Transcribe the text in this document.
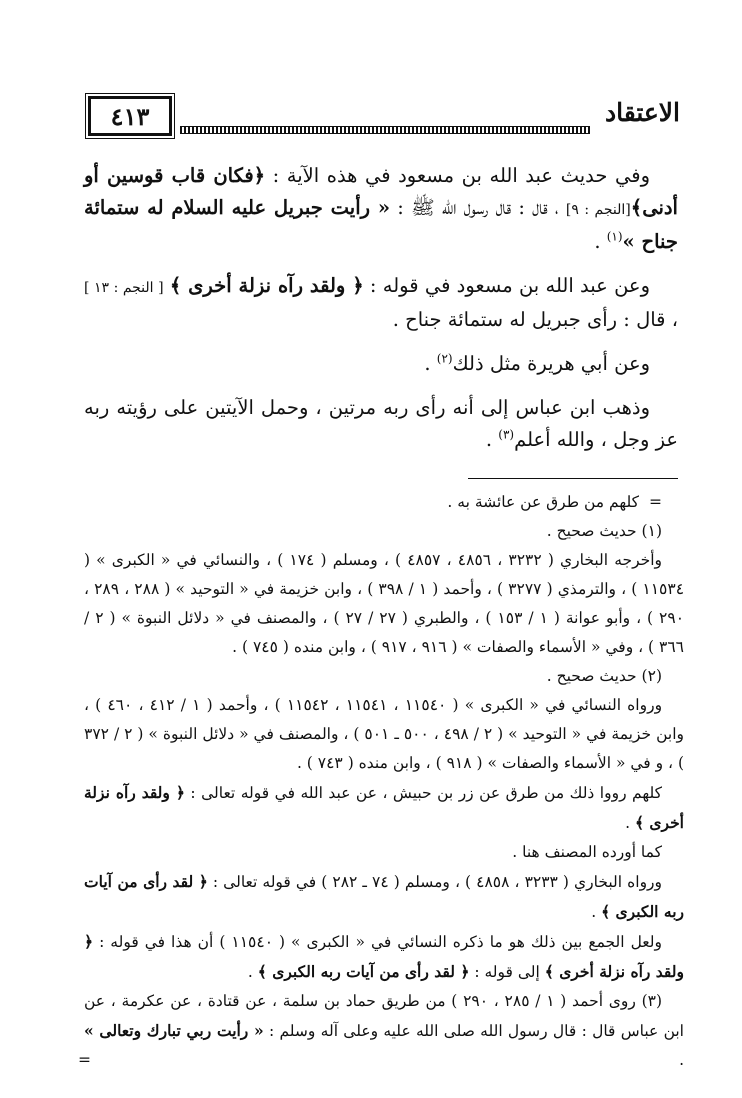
٤١٣	الاعتقاد

وفي حديث عبد الله بن مسعود في هذه الآية : ﴿فكان قاب قوسين أو أدنى﴾[النجم : ٩] ، قال : قال رسول الله ﷺ : « رأيت جبريل عليه السلام له ستمائة جناح »$^{(١)}$ .

وعن عبد الله بن مسعود في قوله : ﴿ ولقد رآه نزلة أخرى ﴾ [ النجم : ١٣ ] ، قال : رأى جبريل له ستمائة جناح .

وعن أبي هريرة مثل ذلك$^{(٢)}$ .

وذهب ابن عباس إلى أنه رأى ربه مرتين ، وحمل الآيتين على رؤيته ربه عز وجل ، والله أعلم$^{(٣)}$ .

=كلهم من طرق عن عائشة به .

(١) حديث صحيح .

وأخرجه البخاري ( ٣٢٣٢ ، ٤٨٥٦ ، ٤٨٥٧ ) ، ومسلم ( ١٧٤ ) ، والنسائي في « الكبرى » ( ١١٥٣٤ ) ، والترمذي ( ٣٢٧٧ ) ، وأحمد ( ١ / ٣٩٨ ) ، وابن خزيمة في « التوحيد » ( ٢٨٨ ، ٢٨٩ ، ٢٩٠ ) ، وأبو عوانة ( ١ / ١٥٣ ) ، والطبري ( ٢٧ / ٢٧ ) ، والمصنف في « دلائل النبوة » ( ٢ / ٣٦٦ ) ، وفي « الأسماء والصفات » ( ٩١٦ ، ٩١٧ ) ، وابن منده ( ٧٤٥ ) .

(٢) حديث صحيح .

ورواه النسائي في « الكبرى » ( ١١٥٤٠ ، ١١٥٤١ ، ١١٥٤٢ ) ، وأحمد ( ١ / ٤١٢ ، ٤٦٠ ) ، وابن خزيمة في « التوحيد » ( ٢ / ٤٩٨ ، ٥٠٠ ـ ٥٠١ ) ، والمصنف في « دلائل النبوة » ( ٢ / ٣٧٢ ) ، و في « الأسماء والصفات » ( ٩١٨ ) ، وابن منده ( ٧٤٣ ) .

كلهم رووا ذلك من طرق عن زر بن حبيش ، عن عبد الله في قوله تعالى : ﴿ ولقد رآه نزلة أخرى ﴾ .

كما أورده المصنف هنا .

ورواه البخاري ( ٣٢٣٣ ، ٤٨٥٨ ) ، ومسلم ( ٧٤ ـ ٢٨٢ ) في قوله تعالى : ﴿ لقد رأى من آيات ربه الكبرى ﴾ .

ولعل الجمع بين ذلك هو ما ذكره النسائي في « الكبرى » ( ١١٥٤٠ ) أن هذا في قوله : ﴿ ولقد رآه نزلة أخرى ﴾ إلى قوله : ﴿ لقد رأى من آيات ربه الكبرى ﴾ .

(٣) روى أحمد ( ١ / ٢٨٥ ، ٢٩٠ ) من طريق حماد بن سلمة ، عن قتادة ، عن عكرمة ، عن ابن عباس قال : قال رسول الله صلى الله عليه وعلى آله وسلم : « رأيت ربي تبارك وتعالى » .
=
